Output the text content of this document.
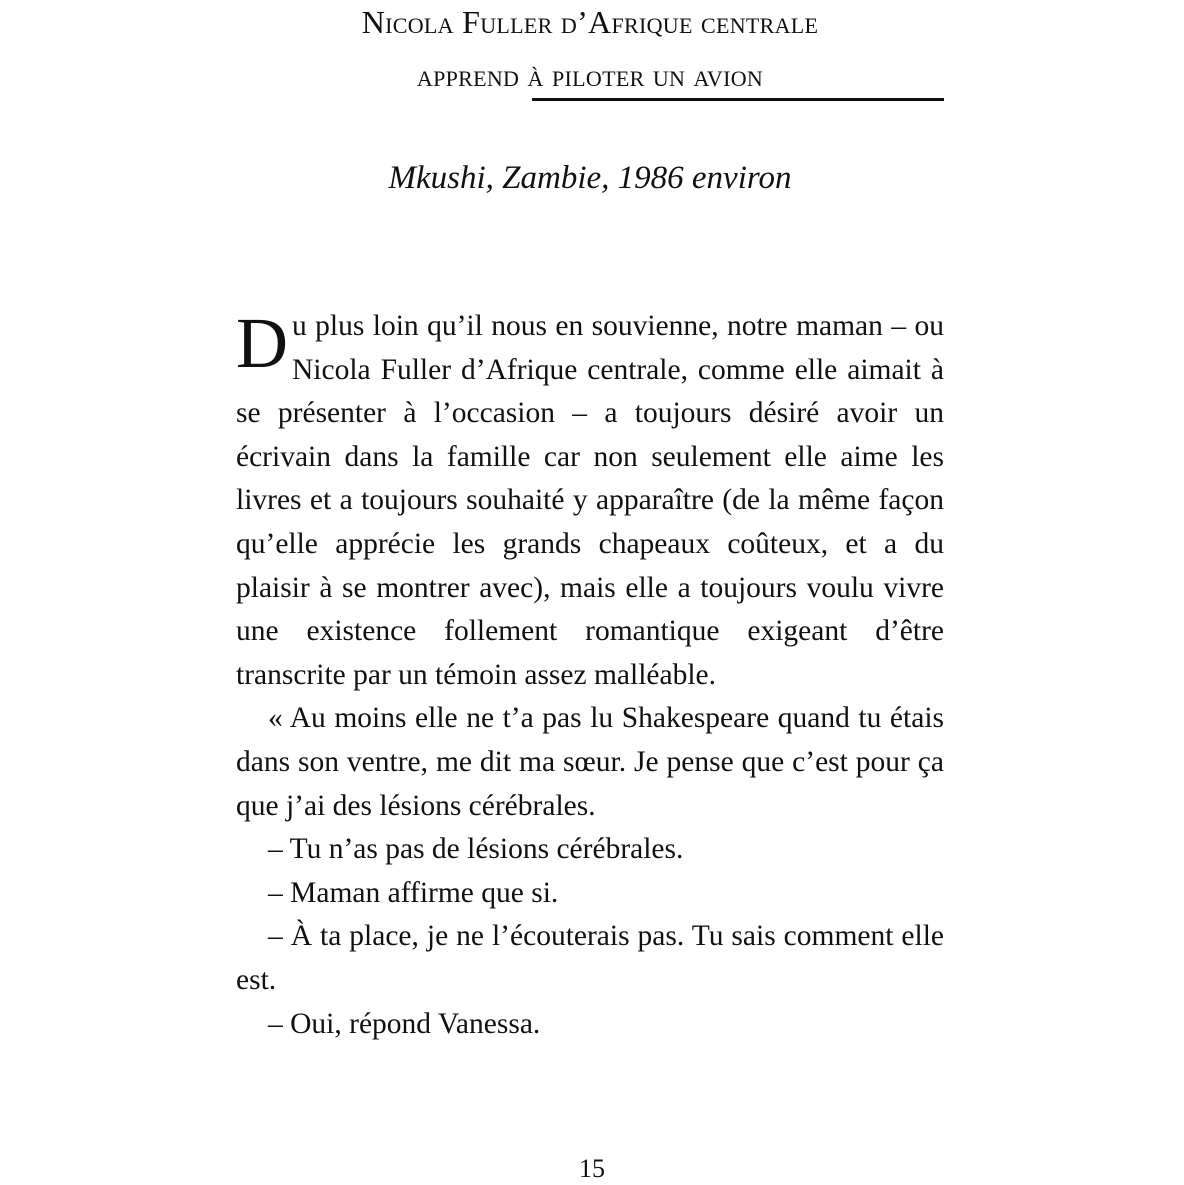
Nicola Fuller d’Afrique centrale
apprend à piloter un avion
Mkushi, Zambie, 1986 environ

Du plus loin qu’il nous en souvienne, notre maman – ou Nicola Fuller d’Afrique centrale, comme elle aimait à se présenter à l’occasion – a toujours désiré avoir un écrivain dans la famille car non seulement elle aime les livres et a toujours souhaité y apparaître (de la même façon qu’elle apprécie les grands chapeaux coûteux, et a du plaisir à se montrer avec), mais elle a toujours voulu vivre une existence follement romantique exigeant d’être transcrite par un témoin assez malléable.

« Au moins elle ne t’a pas lu Shakespeare quand tu étais dans son ventre, me dit ma sœur. Je pense que c’est pour ça que j’ai des lésions cérébrales.

– Tu n’as pas de lésions cérébrales.

– Maman affirme que si.

– À ta place, je ne l’écouterais pas. Tu sais comment elle est.

– Oui, répond Vanessa.

15
